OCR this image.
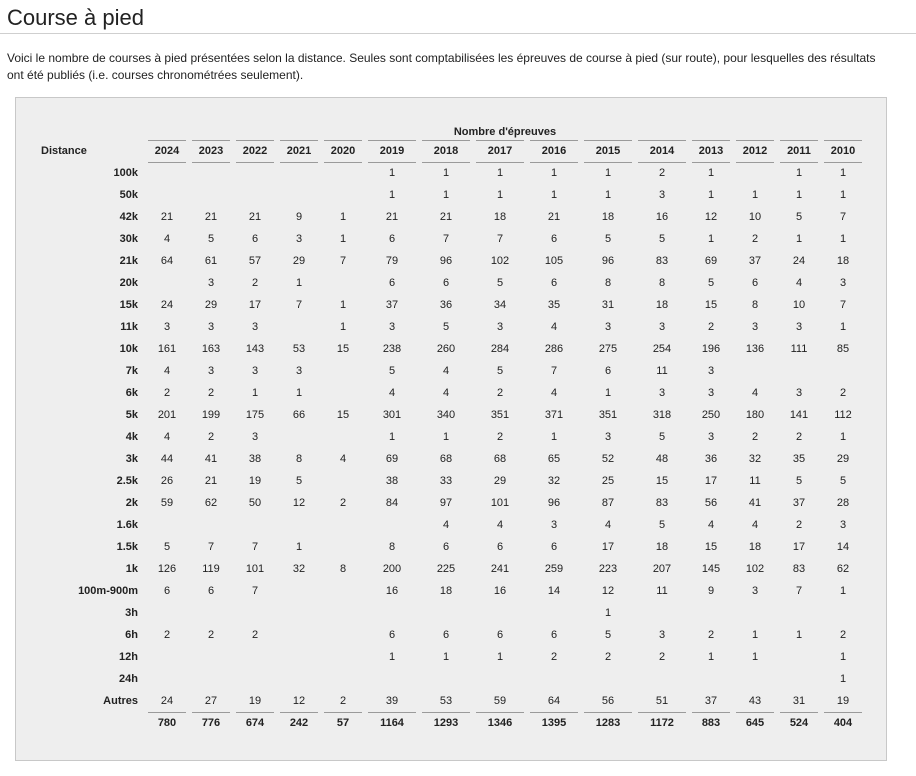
Course à pied

Voici le nombre de courses à pied présentées selon la distance. Seules sont comptabilisées les épreuves de course à pied (sur route), pour lesquelles des résultats ont été publiés (i.e. courses chronométrées seulement).

	Nombre d'épreuves														
Distance	2024	2023	2022	2021	2020	2019	2018	2017	2016	2015	2014	2013	2012	2011	2010

100k						1	1	1	1	1	2	1		1	1
50k						1	1	1	1	1	3	1	1	1	1
42k	21	21	21	9	1	21	21	18	21	18	16	12	10	5	7
30k	4	5	6	3	1	6	7	7	6	5	5	1	2	1	1
21k	64	61	57	29	7	79	96	102	105	96	83	69	37	24	18
20k		3	2	1		6	6	5	6	8	8	5	6	4	3
15k	24	29	17	7	1	37	36	34	35	31	18	15	8	10	7
11k	3	3	3		1	3	5	3	4	3	3	2	3	3	1
10k	161	163	143	53	15	238	260	284	286	275	254	196	136	111	85
7k	4	3	3	3		5	4	5	7	6	11	3			
6k	2	2	1	1		4	4	2	4	1	3	3	4	3	2
5k	201	199	175	66	15	301	340	351	371	351	318	250	180	141	112
4k	4	2	3			1	1	2	1	3	5	3	2	2	1
3k	44	41	38	8	4	69	68	68	65	52	48	36	32	35	29
2.5k	26	21	19	5		38	33	29	32	25	15	17	11	5	5
2k	59	62	50	12	2	84	97	101	96	87	83	56	41	37	28
1.6k							4	4	3	4	5	4	4	2	3
1.5k	5	7	7	1		8	6	6	6	17	18	15	18	17	14
1k	126	119	101	32	8	200	225	241	259	223	207	145	102	83	62
100m-900m	6	6	7			16	18	16	14	12	11	9	3	7	1
3h										1					
6h	2	2	2			6	6	6	6	5	3	2	1	1	2
12h						1	1	1	2	2	2	1	1		1
24h															1
Autres	24	27	19	12	2	39	53	59	64	56	51	37	43	31	19

780	776	674	242	57	1164	1293	1346	1395	1283	1172	883	645	524	404
